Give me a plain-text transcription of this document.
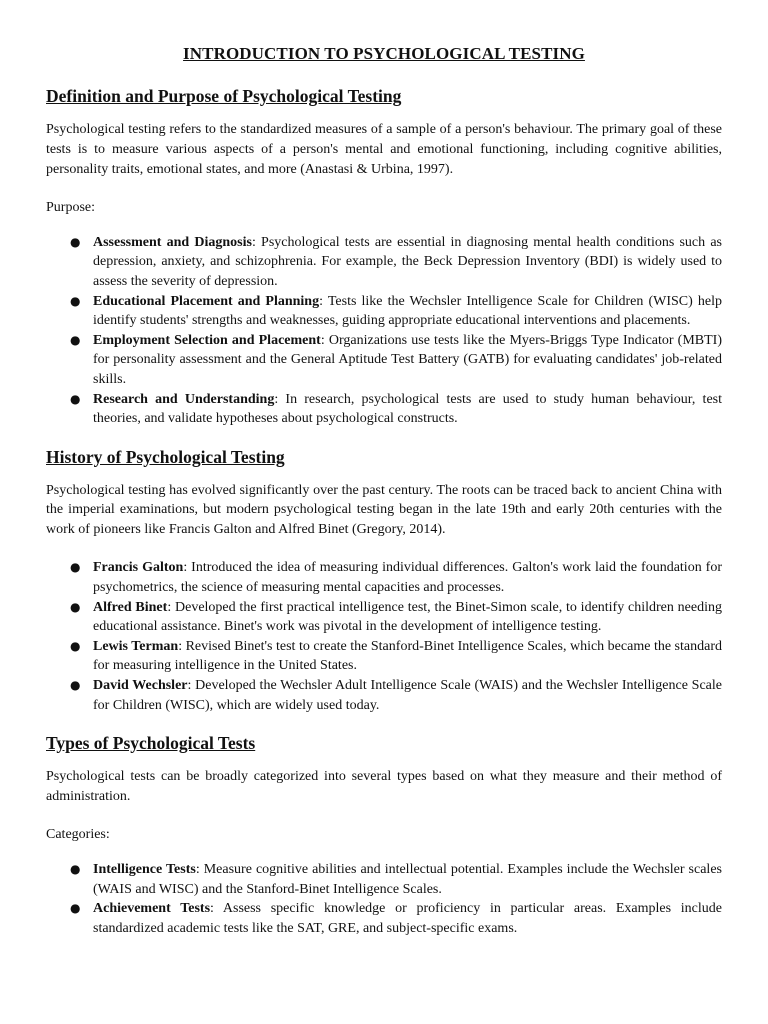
INTRODUCTION TO PSYCHOLOGICAL TESTING
Definition and Purpose of Psychological Testing

Psychological testing refers to the standardized measures of a sample of a person's behaviour. The primary goal of these tests is to measure various aspects of a person's mental and emotional functioning, including cognitive abilities, personality traits, emotional states, and more (Anastasi & Urbina, 1997).

Purpose:

● Assessment and Diagnosis: Psychological tests are essential in diagnosing mental health conditions such as depression, anxiety, and schizophrenia. For example, the Beck Depression Inventory (BDI) is widely used to assess the severity of depression.
● Educational Placement and Planning: Tests like the Wechsler Intelligence Scale for Children (WISC) help identify students' strengths and weaknesses, guiding appropriate educational interventions and placements.
● Employment Selection and Placement: Organizations use tests like the Myers-Briggs Type Indicator (MBTI) for personality assessment and the General Aptitude Test Battery (GATB) for evaluating candidates' job-related skills.
● Research and Understanding: In research, psychological tests are used to study human behaviour, test theories, and validate hypotheses about psychological constructs.
History of Psychological Testing

Psychological testing has evolved significantly over the past century. The roots can be traced back to ancient China with the imperial examinations, but modern psychological testing began in the late 19th and early 20th centuries with the work of pioneers like Francis Galton and Alfred Binet (Gregory, 2014).

● Francis Galton: Introduced the idea of measuring individual differences. Galton's work laid the foundation for psychometrics, the science of measuring mental capacities and processes.
● Alfred Binet: Developed the first practical intelligence test, the Binet-Simon scale, to identify children needing educational assistance. Binet's work was pivotal in the development of intelligence testing.
● Lewis Terman: Revised Binet's test to create the Stanford-Binet Intelligence Scales, which became the standard for measuring intelligence in the United States.
● David Wechsler: Developed the Wechsler Adult Intelligence Scale (WAIS) and the Wechsler Intelligence Scale for Children (WISC), which are widely used today.
Types of Psychological Tests

Psychological tests can be broadly categorized into several types based on what they measure and their method of administration.

Categories:

● Intelligence Tests: Measure cognitive abilities and intellectual potential. Examples include the Wechsler scales (WAIS and WISC) and the Stanford-Binet Intelligence Scales.
● Achievement Tests: Assess specific knowledge or proficiency in particular areas. Examples include standardized academic tests like the SAT, GRE, and subject-specific exams.
